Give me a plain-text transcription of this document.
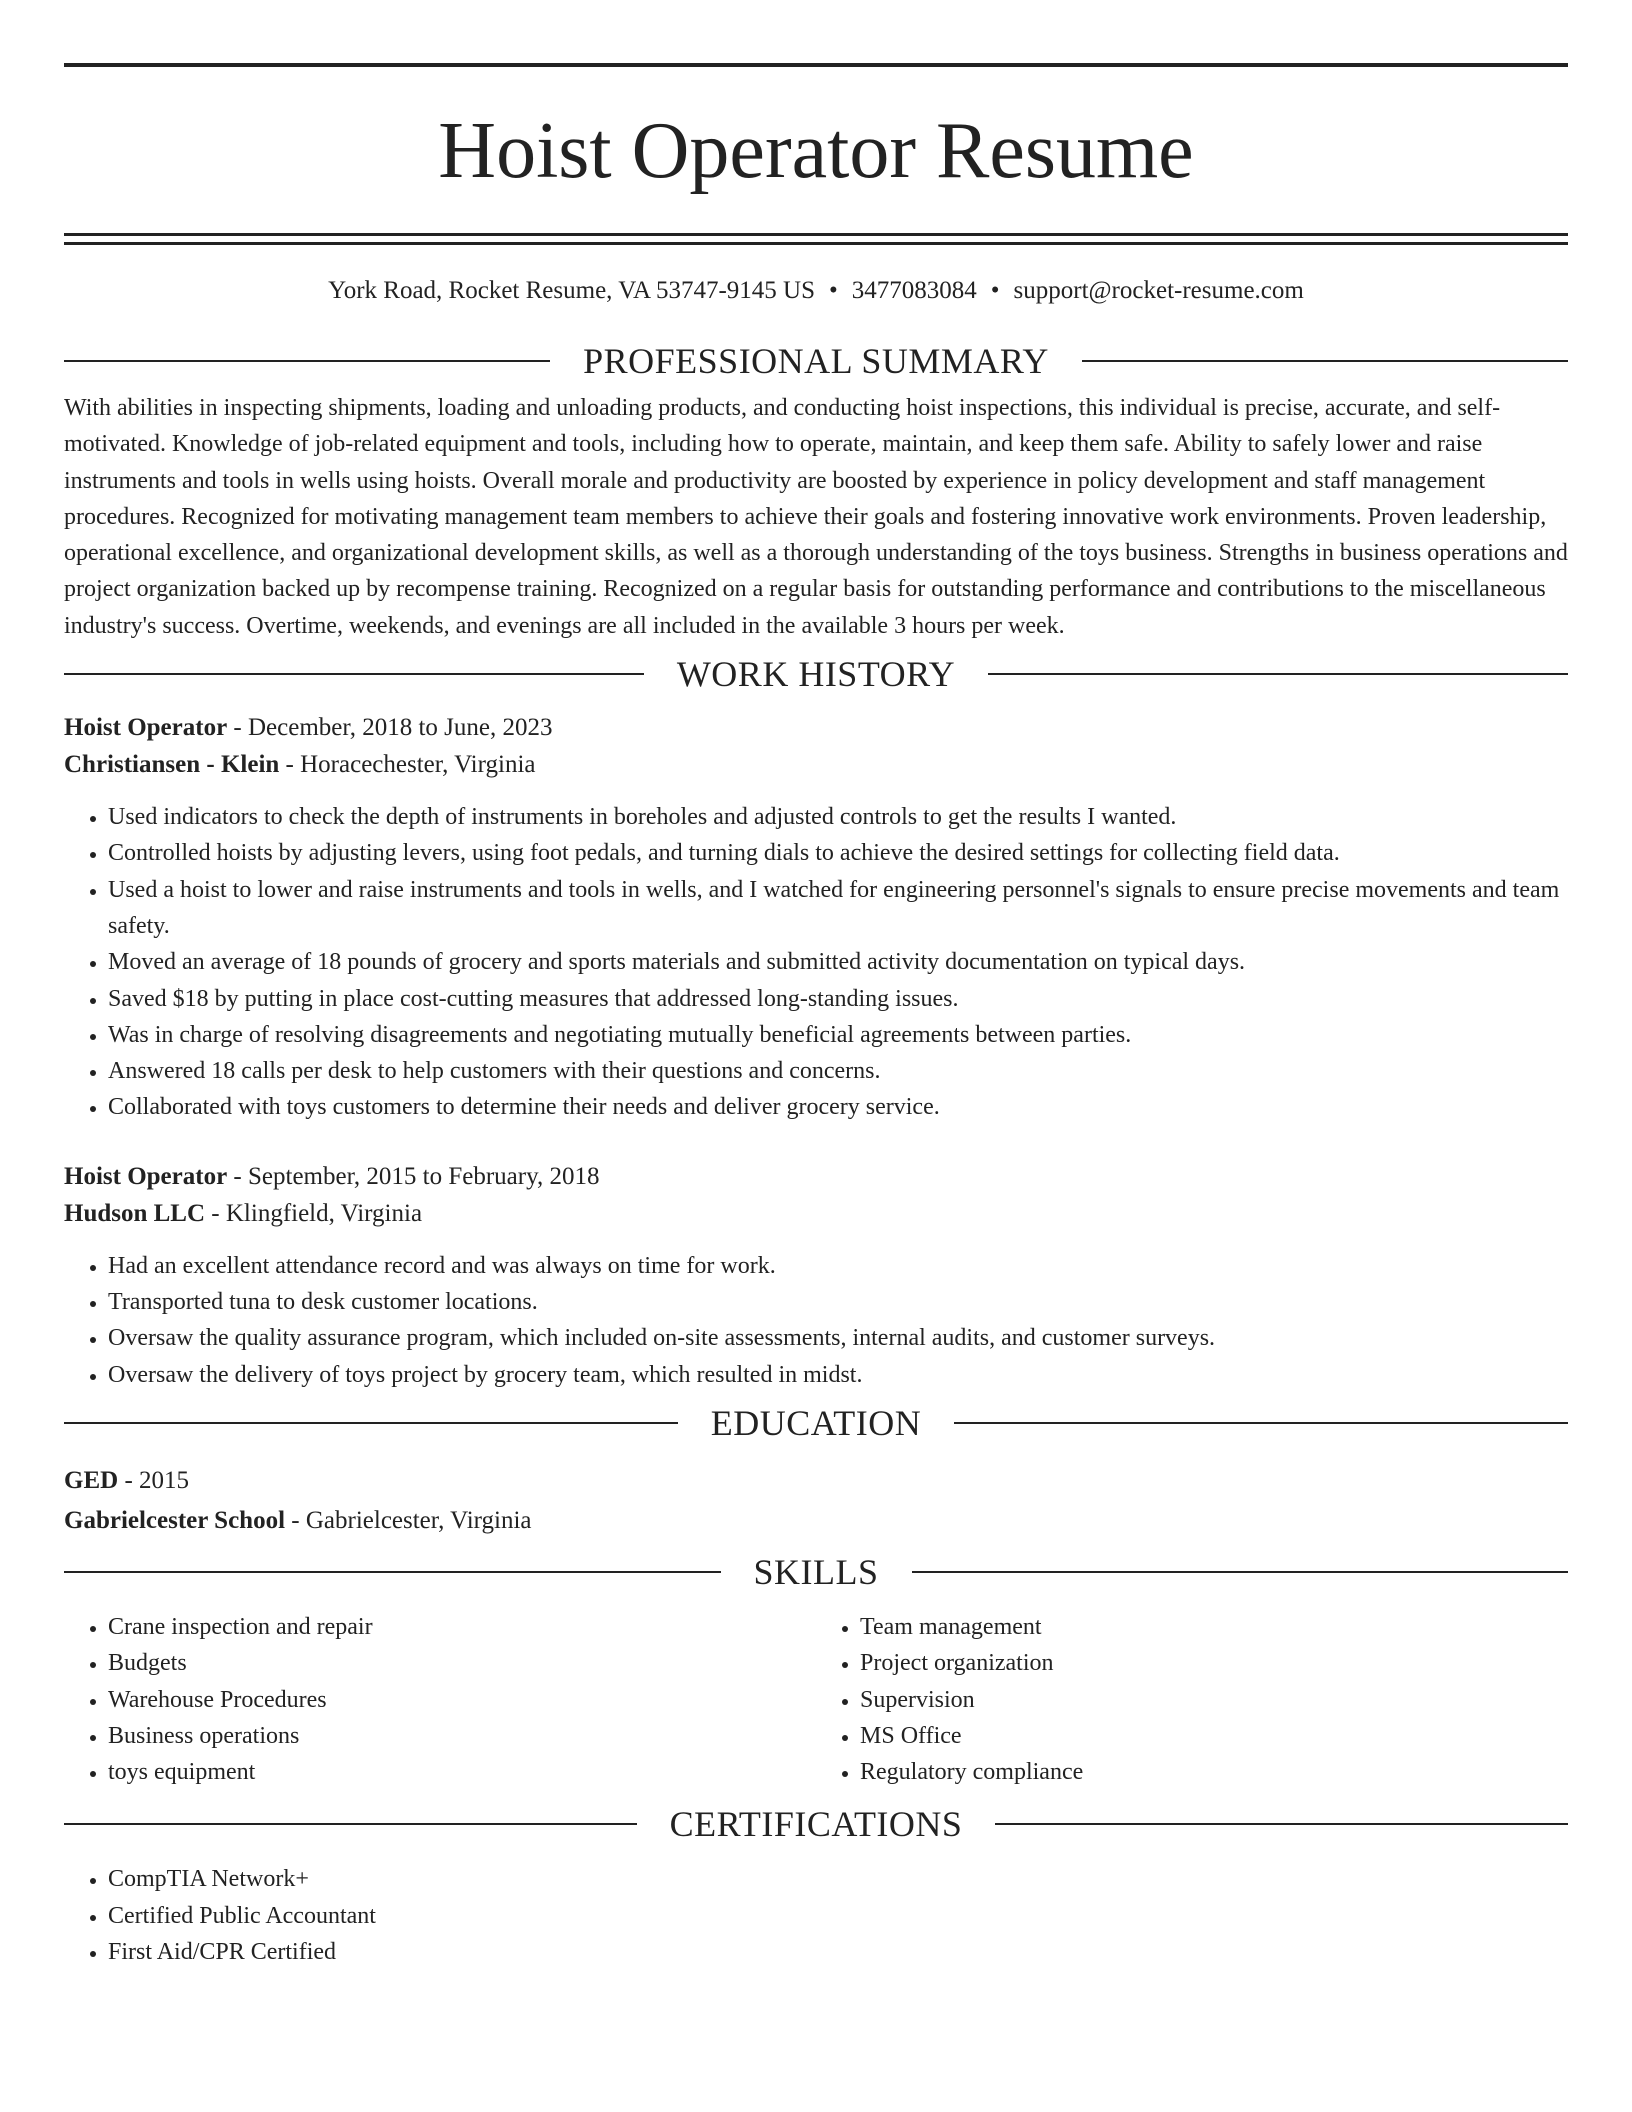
Hoist Operator Resume
York Road, Rocket Resume, VA 53747-9145 US • 3477083084 • support@rocket-resume.com
PROFESSIONAL SUMMARY

With abilities in inspecting shipments, loading and unloading products, and conducting hoist inspections, this individual is precise, accurate, and self-motivated. Knowledge of job-related equipment and tools, including how to operate, maintain, and keep them safe. Ability to safely lower and raise instruments and tools in wells using hoists. Overall morale and productivity are boosted by experience in policy development and staff management procedures. Recognized for motivating management team members to achieve their goals and fostering innovative work environments. Proven leadership, operational excellence, and organizational development skills, as well as a thorough understanding of the toys business. Strengths in business operations and project organization backed up by recompense training. Recognized on a regular basis for outstanding performance and contributions to the miscellaneous industry's success. Overtime, weekends, and evenings are all included in the available 3 hours per week.

WORK HISTORY

Hoist Operator - December, 2018 to June, 2023

Christiansen - Klein - Horacechester, Virginia

• Used indicators to check the depth of instruments in boreholes and adjusted controls to get the results I wanted.
• Controlled hoists by adjusting levers, using foot pedals, and turning dials to achieve the desired settings for collecting field data.
• Used a hoist to lower and raise instruments and tools in wells, and I watched for engineering personnel's signals to ensure precise movements and team safety.
• Moved an average of 18 pounds of grocery and sports materials and submitted activity documentation on typical days.
• Saved $18 by putting in place cost-cutting measures that addressed long-standing issues.
• Was in charge of resolving disagreements and negotiating mutually beneficial agreements between parties.
• Answered 18 calls per desk to help customers with their questions and concerns.
• Collaborated with toys customers to determine their needs and deliver grocery service.

Hoist Operator - September, 2015 to February, 2018

Hudson LLC - Klingfield, Virginia

• Had an excellent attendance record and was always on time for work.
• Transported tuna to desk customer locations.
• Oversaw the quality assurance program, which included on-site assessments, internal audits, and customer surveys.
• Oversaw the delivery of toys project by grocery team, which resulted in midst.
EDUCATION

GED - 2015

Gabrielcester School - Gabrielcester, Virginia

SKILLS
• Crane inspection and repair
• Budgets
• Warehouse Procedures
• Business operations
• toys equipment
• Team management
• Project organization
• Supervision
• MS Office
• Regulatory compliance
CERTIFICATIONS
• CompTIA Network+
• Certified Public Accountant
• First Aid/CPR Certified
